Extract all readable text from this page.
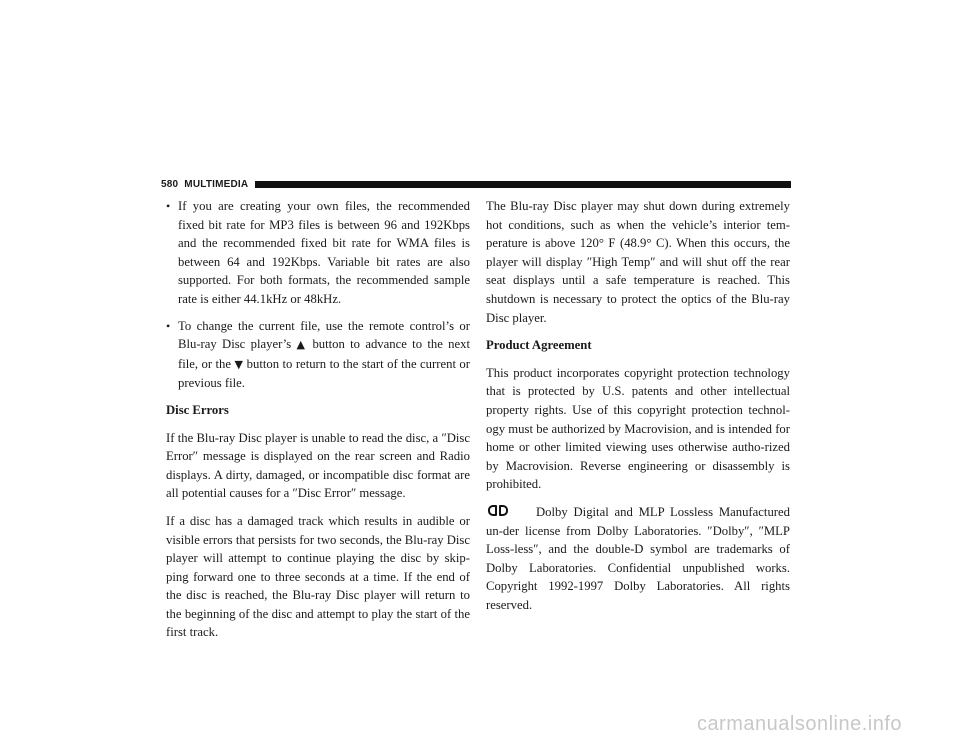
580 MULTIMEDIA
• If you are creating your own files, the recommended fixed bit rate for MP3 files is between 96 and 192Kbps and the recommended fixed bit rate for WMA files is between 64 and 192Kbps. Variable bit rates are also supported. For both formats, the recommended sample rate is either 44.1kHz or 48kHz.
• To change the current file, use the remote control’s or Blu-ray Disc player’s ▲ button to advance to the next file, or the ▼ button to return to the start of the current or previous file.
Disc Errors

If the Blu-ray Disc player is unable to read the disc, a ″Disc Error″ message is displayed on the rear screen and Radio displays. A dirty, damaged, or incompatible disc format are all potential causes for a ″Disc Error″ message.

If a disc has a damaged track which results in audible or visible errors that persists for two seconds, the Blu-ray Disc player will attempt to continue playing the disc by skip-ping forward one to three seconds at a time. If the end of the disc is reached, the Blu-ray Disc player will return to the beginning of the disc and attempt to play the start of the first track.

The Blu-ray Disc player may shut down during extremely hot conditions, such as when the vehicle’s interior tem-perature is above 120° F (48.9° C). When this occurs, the player will display ″High Temp″ and will shut off the rear seat displays until a safe temperature is reached. This shutdown is necessary to protect the optics of the Blu-ray Disc player.

Product Agreement

This product incorporates copyright protection technology that is protected by U.S. patents and other intellectual property rights. Use of this copyright protection technol-ogy must be authorized by Macrovision, and is intended for home or other limited viewing uses otherwise autho-rized by Macrovision. Reverse engineering or disassembly is prohibited.

Dolby Digital and MLP Lossless Manufactured un-der license from Dolby Laboratories. ″Dolby″, ″MLP Loss-less″, and the double-D symbol are trademarks of Dolby Laboratories. Confidential unpublished works. Copyright 1992-1997 Dolby Laboratories. All rights reserved.

carmanualsonline.info
